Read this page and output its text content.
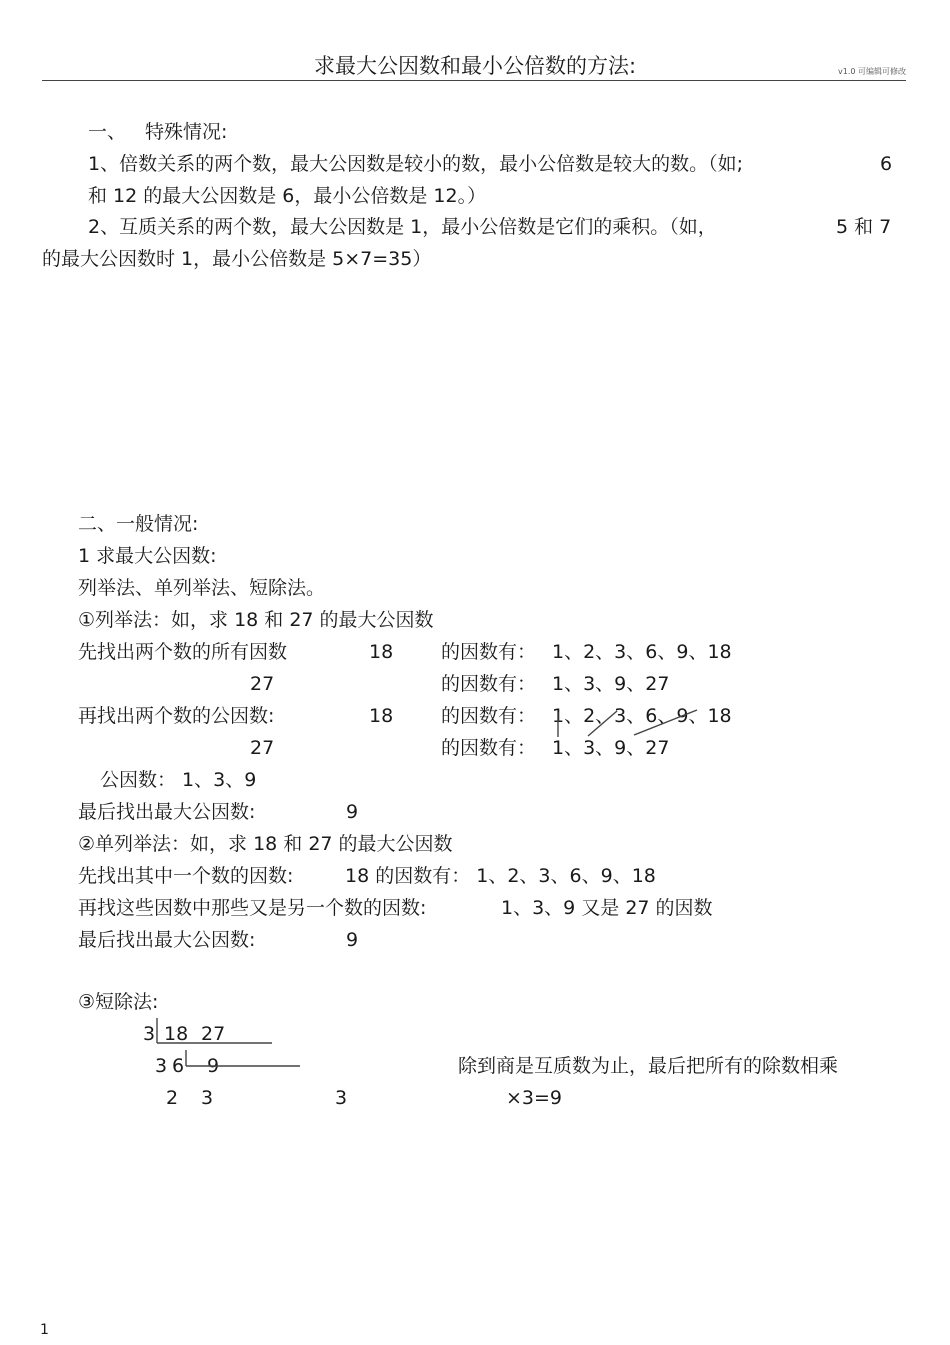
求最大公因数和最小公倍数的方法:	v1.0 可编辑可修改
一、 特殊情况:
1、倍数关系的两个数，最大公因数是较小的数，最小公倍数是较大的数。（如;	6
和 12 的最大公因数是 6，最小公倍数是 12。）
2、互质关系的两个数，最大公因数是 1，最小公倍数是它们的乘积。（如，	5 和 7
的最大公因数时 1，最小公倍数是 5×7=35）
二、一般情况:
1 求最大公因数:
列举法、单列举法、短除法。
①列举法：如，求 18 和 27 的最大公因数
先找出两个数的所有因数	18	的因数有： 1、2、3、6、9、18
27	的因数有： 1、3、9、27
再找出两个数的公因数:	18	的因数有： 1、2、3、6、9、18
27	的因数有： 1、3、9、27
公因数： 1、3、9
最后找出最大公因数:	9
②单列举法：如，求 18 和 27 的最大公因数
先找出其中一个数的因数:	18 的因数有： 1、2、3、6、9、18
再找这些因数中那些又是另一个数的因数:	1、3、9 又是 27 的因数
最后找出最大公因数:	9
③短除法:
3 18 27
3 6 9
2 3	3
除到商是互质数为止，最后把所有的除数相乘
×3=9
1
